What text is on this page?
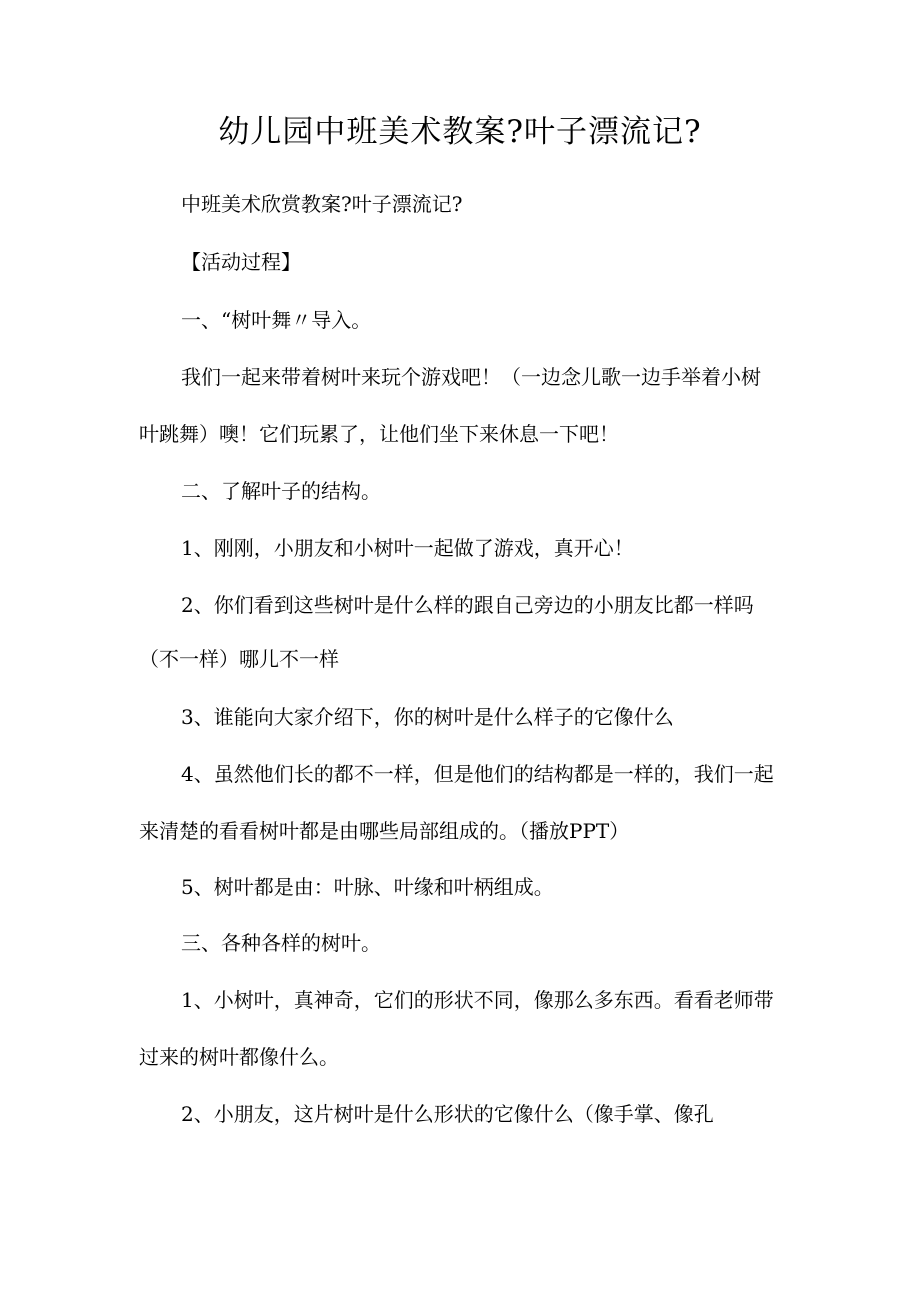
幼儿园中班美术教案?叶子漂流记?
中班美术欣赏教案?叶子漂流记?
【活动过程】
一、“树叶舞〃导入。
我们一起来带着树叶来玩个游戏吧！（一边念儿歌一边手举着小树
叶跳舞）噢！它们玩累了，让他们坐下来休息一下吧！
二、了解叶子的结构。
1、刚刚，小朋友和小树叶一起做了游戏，真开心！
2、你们看到这些树叶是什么样的跟自己旁边的小朋友比都一样吗
（不一样）哪儿不一样
3、谁能向大家介绍下，你的树叶是什么样子的它像什么
4、虽然他们长的都不一样，但是他们的结构都是一样的，我们一起
来清楚的看看树叶都是由哪些局部组成的。（播放PPT）
5、树叶都是由：叶脉、叶缘和叶柄组成。
三、各种各样的树叶。
1、小树叶，真神奇，它们的形状不同，像那么多东西。看看老师带
过来的树叶都像什么。
2、小朋友，这片树叶是什么形状的它像什么（像手掌、像孔
